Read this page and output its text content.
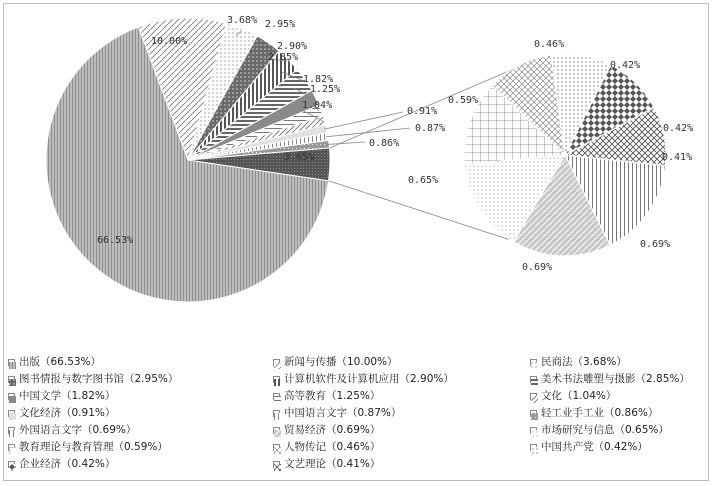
66.53%
10.00%
3.68% 2.95%
2.90%
2.85%
1.82%
1.25%
1.04%
0.91%
0.87%
0.86%
3.65%
0.69%
0.69%
0.65%
0.59%
0.46%
0.42%
0.42%
0.41%
出版（66.53%）	新闻与传播（10.00%）	民商法（3.68%）
图书情报与数字图书馆（2.95%）	计算机软件及计算机应用（2.90%）	美术书法雕塑与摄影（2.85%）
中国文学（1.82%）	高等教育（1.25%）	文化（1.04%）
文化经济（0.91%）	中国语言文字（0.87%）	轻工业手工业（0.86%）
外国语言文字（0.69%）	贸易经济（0.69%）	市场研究与信息（0.65%）
教育理论与教育管理（0.59%）	人物传记（0.46%）	中国共产党（0.42%）
企业经济（0.42%）	文艺理论（0.41%）
